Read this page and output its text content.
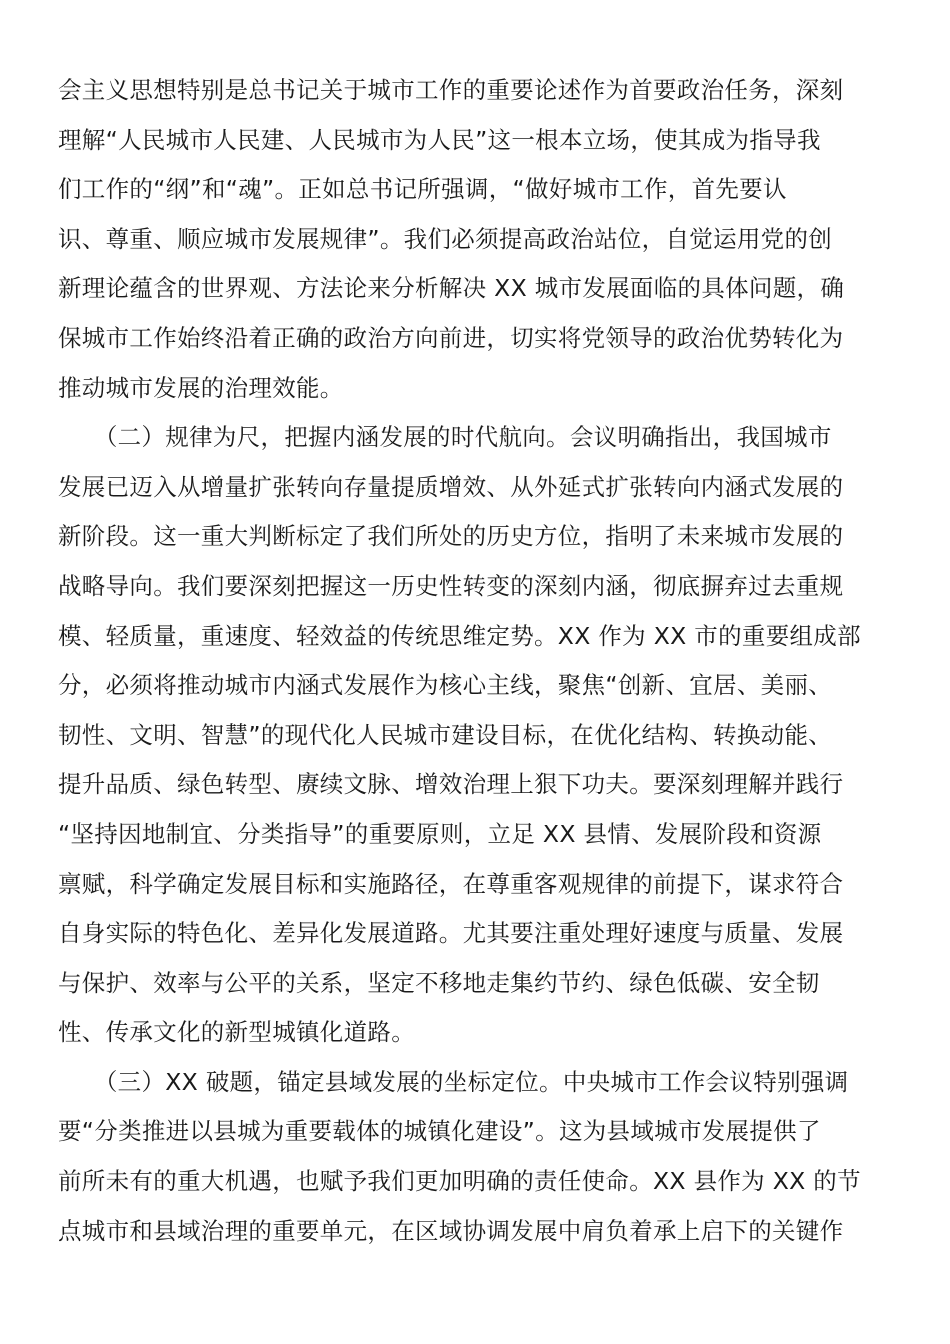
会主义思想特别是总书记关于城市工作的重要论述作为首要政治任务，深刻
理解“人民城市人民建、人民城市为人民”这一根本立场，使其成为指导我
们工作的“纲”和“魂”。正如总书记所强调，“做好城市工作，首先要认
识、尊重、顺应城市发展规律”。我们必须提高政治站位，自觉运用党的创
新理论蕴含的世界观、方法论来分析解决 XX 城市发展面临的具体问题，确
保城市工作始终沿着正确的政治方向前进，切实将党领导的政治优势转化为
推动城市发展的治理效能。
　　（二）规律为尺，把握内涵发展的时代航向。会议明确指出，我国城市
发展已迈入从增量扩张转向存量提质增效、从外延式扩张转向内涵式发展的
新阶段。这一重大判断标定了我们所处的历史方位，指明了未来城市发展的
战略导向。我们要深刻把握这一历史性转变的深刻内涵，彻底摒弃过去重规
模、轻质量，重速度、轻效益的传统思维定势。XX 作为 XX 市的重要组成部
分，必须将推动城市内涵式发展作为核心主线，聚焦“创新、宜居、美丽、
韧性、文明、智慧”的现代化人民城市建设目标，在优化结构、转换动能、
提升品质、绿色转型、赓续文脉、增效治理上狠下功夫。要深刻理解并践行
“坚持因地制宜、分类指导”的重要原则，立足 XX 县情、发展阶段和资源
禀赋，科学确定发展目标和实施路径，在尊重客观规律的前提下，谋求符合
自身实际的特色化、差异化发展道路。尤其要注重处理好速度与质量、发展
与保护、效率与公平的关系，坚定不移地走集约节约、绿色低碳、安全韧
性、传承文化的新型城镇化道路。
　　（三）XX 破题，锚定县域发展的坐标定位。中央城市工作会议特别强调
要“分类推进以县城为重要载体的城镇化建设”。这为县域城市发展提供了
前所未有的重大机遇，也赋予我们更加明确的责任使命。XX 县作为 XX 的节
点城市和县域治理的重要单元，在区域协调发展中肩负着承上启下的关键作
